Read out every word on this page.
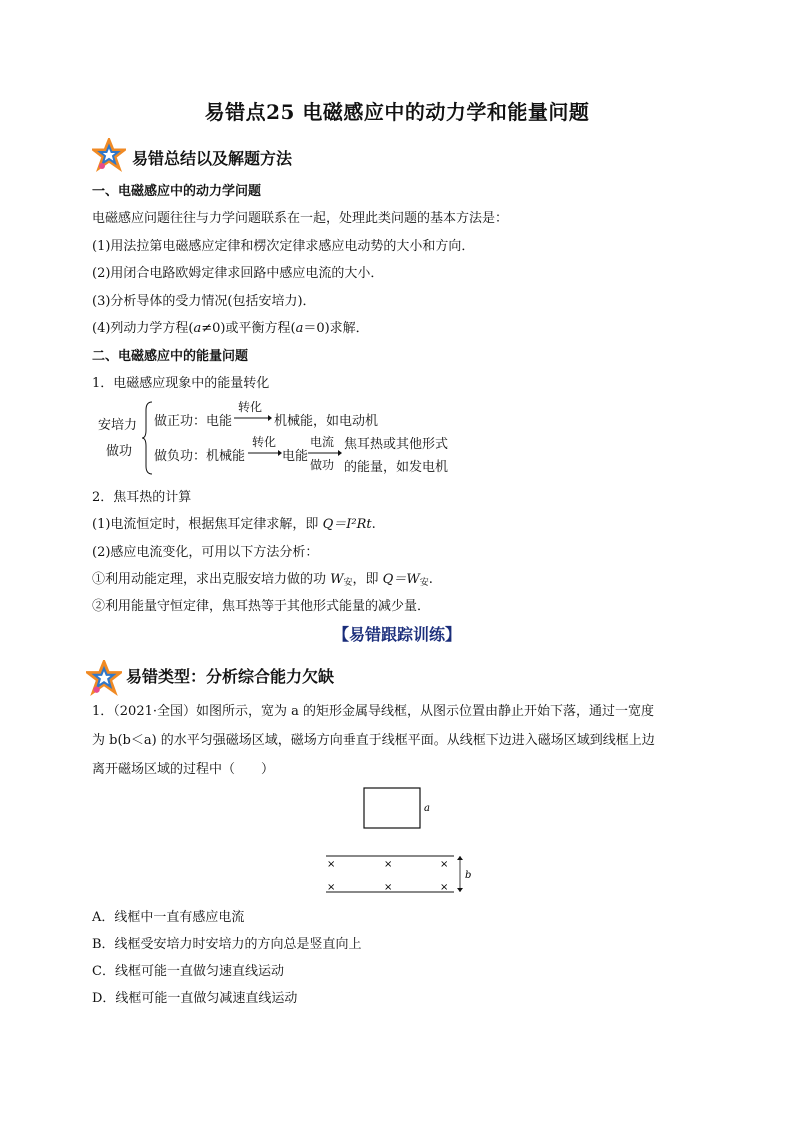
易错点25 电磁感应中的动力学和能量问题
易错总结以及解题方法
一、电磁感应中的动力学问题
电磁感应问题往往与力学问题联系在一起，处理此类问题的基本方法是：
(1)用法拉第电磁感应定律和楞次定律求感应电动势的大小和方向．
(2)用闭合电路欧姆定律求回路中感应电流的大小．
(3)分析导体的受力情况(包括安培力)．
(4)列动力学方程(a≠0)或平衡方程(a＝0)求解．
二、电磁感应中的能量问题
1．电磁感应现象中的能量转化
安培力
做功
做正功：电能
转化
机械能，如电动机
做负功：机械能
转化
电能
电流
做功
焦耳热或其他形式
的能量，如发电机
2．焦耳热的计算
(1)电流恒定时，根据焦耳定律求解，即 Q＝I²Rt.
(2)感应电流变化，可用以下方法分析：
①利用动能定理，求出克服安培力做的功 $W_安$，即 $Q=W_安$.
②利用能量守恒定律，焦耳热等于其他形式能量的减少量．
【易错跟踪训练】
易错类型：分析综合能力欠缺
1．（2021·全国）如图所示，宽为 a 的矩形金属导线框，从图示位置由静止开始下落，通过一宽度
为 b(b＜a) 的水平匀强磁场区域，磁场方向垂直于线框平面。从线框下边进入磁场区域到线框上边
离开磁场区域的过程中（　　）
×	×	×
×	×	×
a
b
A．线框中一直有感应电流
B．线框受安培力时安培力的方向总是竖直向上
C．线框可能一直做匀速直线运动
D．线框可能一直做匀减速直线运动
